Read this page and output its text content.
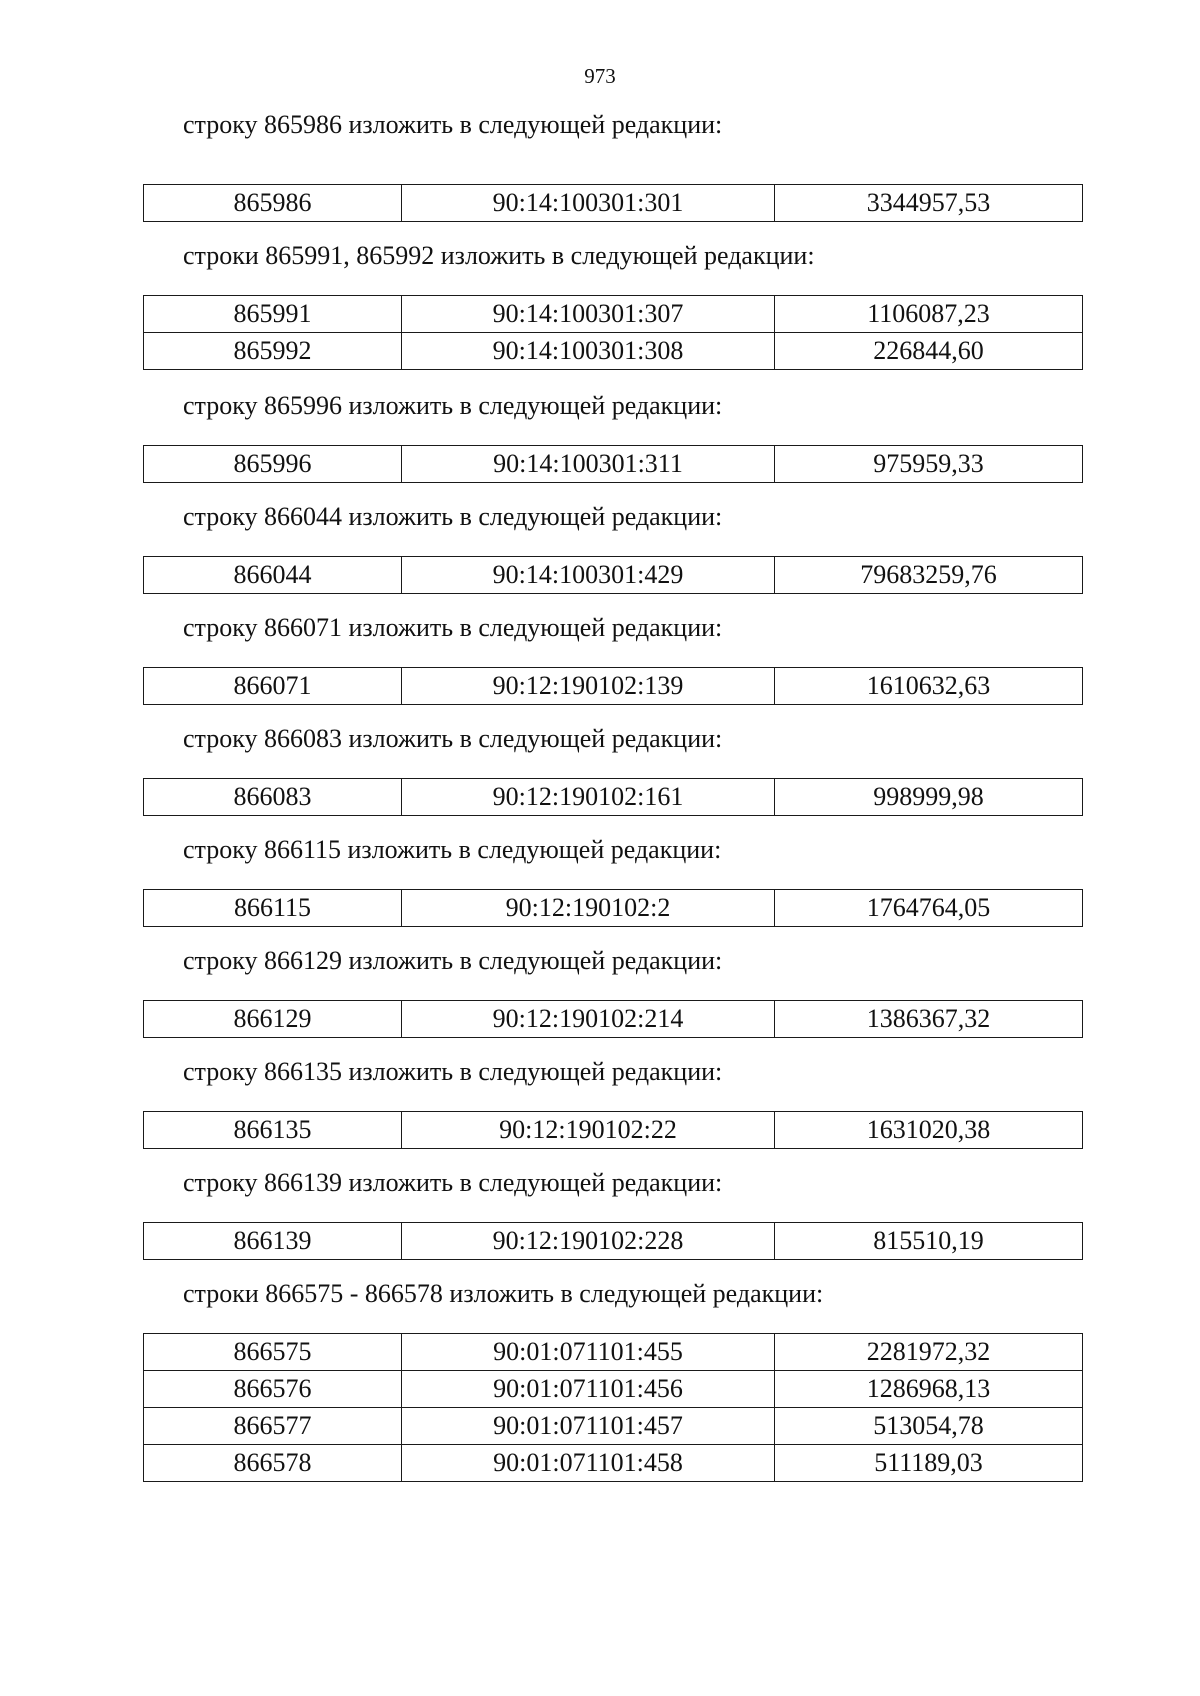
973
строку 865986 изложить в следующей редакции:
865986	90:14:100301:301	3344957,53
строки 865991, 865992 изложить в следующей редакции:
865991	90:14:100301:307	1106087,23
865992	90:14:100301:308	226844,60
строку 865996 изложить в следующей редакции:
865996	90:14:100301:311	975959,33
строку 866044 изложить в следующей редакции:
866044	90:14:100301:429	79683259,76
строку 866071 изложить в следующей редакции:
866071	90:12:190102:139	1610632,63
строку 866083 изложить в следующей редакции:
866083	90:12:190102:161	998999,98
строку 866115 изложить в следующей редакции:
866115	90:12:190102:2	1764764,05
строку 866129 изложить в следующей редакции:
866129	90:12:190102:214	1386367,32
строку 866135 изложить в следующей редакции:
866135	90:12:190102:22	1631020,38
строку 866139 изложить в следующей редакции:
866139	90:12:190102:228	815510,19
строки 866575 - 866578 изложить в следующей редакции:
866575	90:01:071101:455	2281972,32
866576	90:01:071101:456	1286968,13
866577	90:01:071101:457	513054,78
866578	90:01:071101:458	511189,03
